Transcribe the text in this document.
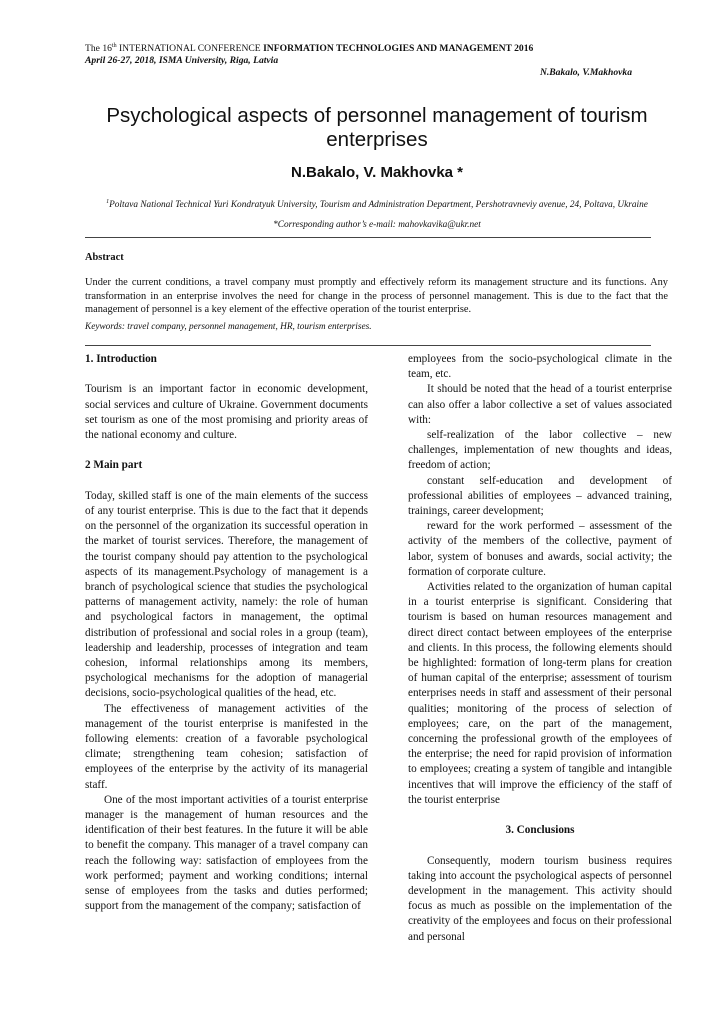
The 16th INTERNATIONAL CONFERENCE INFORMATION TECHNOLOGIES AND MANAGEMENT 2016
April 26-27, 2018, ISMA University, Riga, Latvia
N.Bakalo, V.Makhovka
Psychological aspects of personnel management of tourism enterprises
N.Bakalo, V. Makhovka *
$^1$Poltava National Technical Yuri Kondratyuk University, Tourism and Administration Department, Pershotravneviy avenue, 24, Poltava, Ukraine
*Corresponding author’s e-mail: mahovkavika@ukr.net
Abstract
Under the current conditions, a travel company must promptly and effectively reform its management structure and its functions. Any transformation in an enterprise involves the need for change in the process of personnel management. This is due to the fact that the management of personnel is a key element of the effective operation of the tourist enterprise.
Keywords: travel company, personnel management, HR, tourism enterprises.
1. Introduction

Tourism is an important factor in economic development, social services and culture of Ukraine. Government documents set tourism as one of the most promising and priority areas of the national economy and culture.

2 Main part

Today, skilled staff is one of the main elements of the success of any tourist enterprise. This is due to the fact that it depends on the personnel of the organization its successful operation in the market of tourist services. Therefore, the management of the tourist company should pay attention to the psychological aspects of its management.Psychology of management is a branch of psychological science that studies the psychological patterns of management activity, namely: the role of human and psychological factors in management, the optimal distribution of professional and social roles in a group (team), leadership and leadership, processes of integration and team cohesion, informal relationships among its members, psychological mechanisms for the adoption of managerial decisions, socio-psychological qualities of the head, etc.

The effectiveness of management activities of the management of the tourist enterprise is manifested in the following elements: creation of a favorable psychological climate; strengthening team cohesion; satisfaction of employees of the enterprise by the activity of its managerial staff.

One of the most important activities of a tourist enterprise manager is the management of human resources and the identification of their best features. In the future it will be able to benefit the company. This manager of a travel company can reach the following way: satisfaction of employees from the work performed; payment and working conditions; internal sense of employees from the tasks and duties performed; support from the management of the company; satisfaction of

employees from the socio-psychological climate in the team, etc.

It should be noted that the head of a tourist enterprise can also offer a labor collective a set of values associated with:

self-realization of the labor collective – new challenges, implementation of new thoughts and ideas, freedom of action;

constant self-education and development of professional abilities of employees – advanced training, trainings, career development;

reward for the work performed – assessment of the activity of the members of the collective, payment of labor, system of bonuses and awards, social activity; the formation of corporate culture.

Activities related to the organization of human capital in a tourist enterprise is significant. Considering that tourism is based on human resources management and direct direct contact between employees of the enterprise and clients. In this process, the following elements should be highlighted: formation of long-term plans for creation of human capital of the enterprise; assessment of tourism enterprises needs in staff and assessment of their personal qualities; monitoring of the process of selection of employees; care, on the part of the management, concerning the professional growth of the employees of the enterprise; the need for rapid provision of information to employees; creating a system of tangible and intangible incentives that will improve the efficiency of the staff of the tourist enterprise

3. Conclusions

Consequently, modern tourism business requires taking into account the psychological aspects of personnel development in the management. This activity should focus as much as possible on the implementation of the creativity of the employees and focus on their professional and personal
